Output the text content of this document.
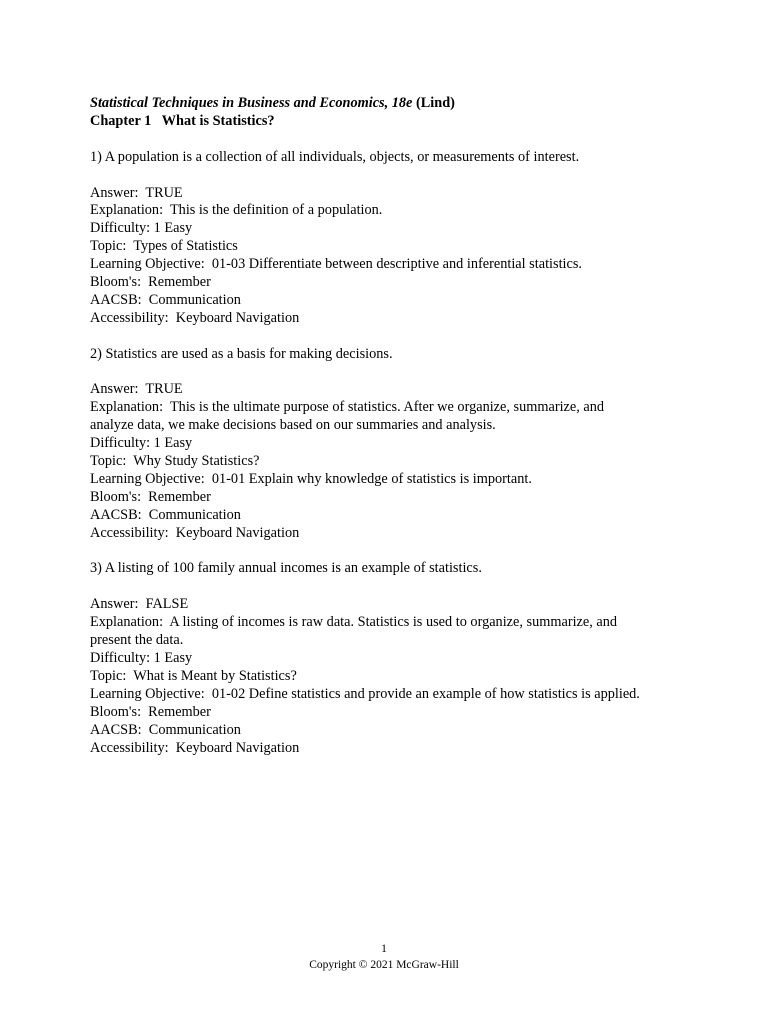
Statistical Techniques in Business and Economics, 18e (Lind)
Chapter 1   What is Statistics?
1) A population is a collection of all individuals, objects, or measurements of interest.
Answer:  TRUE
Explanation:  This is the definition of a population.
Difficulty: 1 Easy
Topic:  Types of Statistics
Learning Objective:  01-03 Differentiate between descriptive and inferential statistics.
Bloom's:  Remember
AACSB:  Communication
Accessibility:  Keyboard Navigation
2) Statistics are used as a basis for making decisions.
Answer:  TRUE
Explanation:  This is the ultimate purpose of statistics. After we organize, summarize, and
analyze data, we make decisions based on our summaries and analysis.
Difficulty: 1 Easy
Topic:  Why Study Statistics?
Learning Objective:  01-01 Explain why knowledge of statistics is important.
Bloom's:  Remember
AACSB:  Communication
Accessibility:  Keyboard Navigation
3) A listing of 100 family annual incomes is an example of statistics.
Answer:  FALSE
Explanation:  A listing of incomes is raw data. Statistics is used to organize, summarize, and
present the data.
Difficulty: 1 Easy
Topic:  What is Meant by Statistics?
Learning Objective:  01-02 Define statistics and provide an example of how statistics is applied.
Bloom's:  Remember
AACSB:  Communication
Accessibility:  Keyboard Navigation
1
Copyright © 2021 McGraw-Hill
